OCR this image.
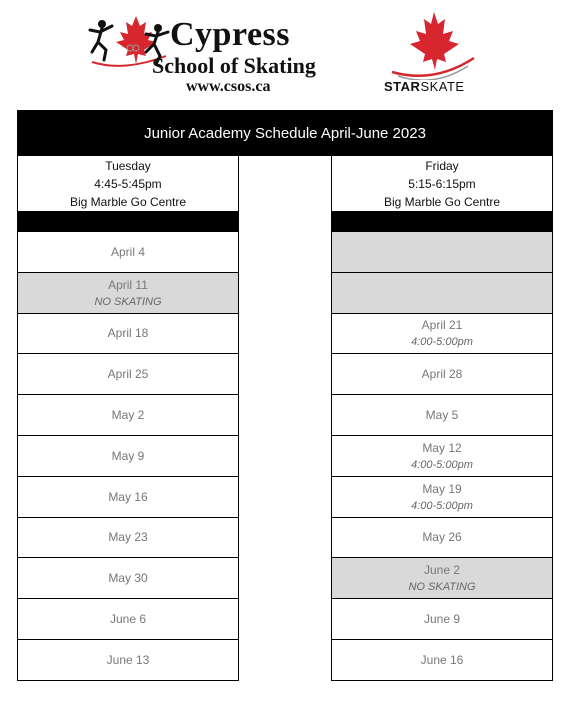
Cypress
School of Skating
www.csos.ca	STARSKATE
Junior Academy Schedule April-June 2023
Tuesday
4:45-5:45pm
Big Marble Go Centre
April 4
April 11
NO SKATING
April 18
April 25
May 2
May 9
May 16
May 23
May 30
June 6
June 13
Friday
5:15-6:15pm
Big Marble Go Centre
April 21
4:00-5:00pm
April 28
May 5
May 12
4:00-5:00pm
May 19
4:00-5:00pm
May 26
June 2
NO SKATING
June 9
June 16
